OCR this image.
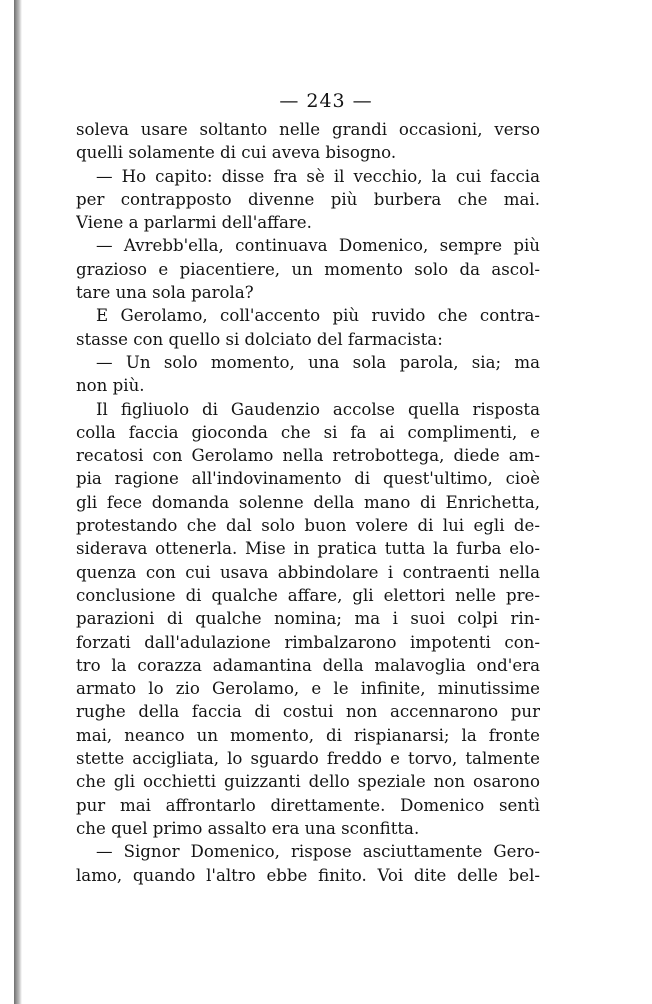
— 243 —
soleva usare soltanto nelle grandi occasioni, verso
quelli solamente di cui aveva bisogno.
— Ho capito: disse fra sè il vecchio, la cui faccia
per contrapposto divenne più burbera che mai.
Viene a parlarmi dell'affare.
— Avrebb'ella, continuava Domenico, sempre più
grazioso e piacentiere, un momento solo da ascol-
tare una sola parola?
E Gerolamo, coll'accento più ruvido che contra-
stasse con quello si dolciato del farmacista:
— Un solo momento, una sola parola, sia; ma
non più.
Il figliuolo di Gaudenzio accolse quella risposta
colla faccia gioconda che si fa ai complimenti, e
recatosi con Gerolamo nella retrobottega, diede am-
pia ragione all'indovinamento di quest'ultimo, cioè
gli fece domanda solenne della mano di Enrichetta,
protestando che dal solo buon volere di lui egli de-
siderava ottenerla. Mise in pratica tutta la furba elo-
quenza con cui usava abbindolare i contraenti nella
conclusione di qualche affare, gli elettori nelle pre-
parazioni di qualche nomina; ma i suoi colpi rin-
forzati dall'adulazione rimbalzarono impotenti con-
tro la corazza adamantina della malavoglia ond'era
armato lo zio Gerolamo, e le infinite, minutissime
rughe della faccia di costui non accennarono pur
mai, neanco un momento, di rispianarsi; la fronte
stette accigliata, lo sguardo freddo e torvo, talmente
che gli occhietti guizzanti dello speziale non osarono
pur mai affrontarlo direttamente. Domenico sentì
che quel primo assalto era una sconfitta.
— Signor Domenico, rispose asciuttamente Gero-
lamo, quando l'altro ebbe finito. Voi dite delle bel-
